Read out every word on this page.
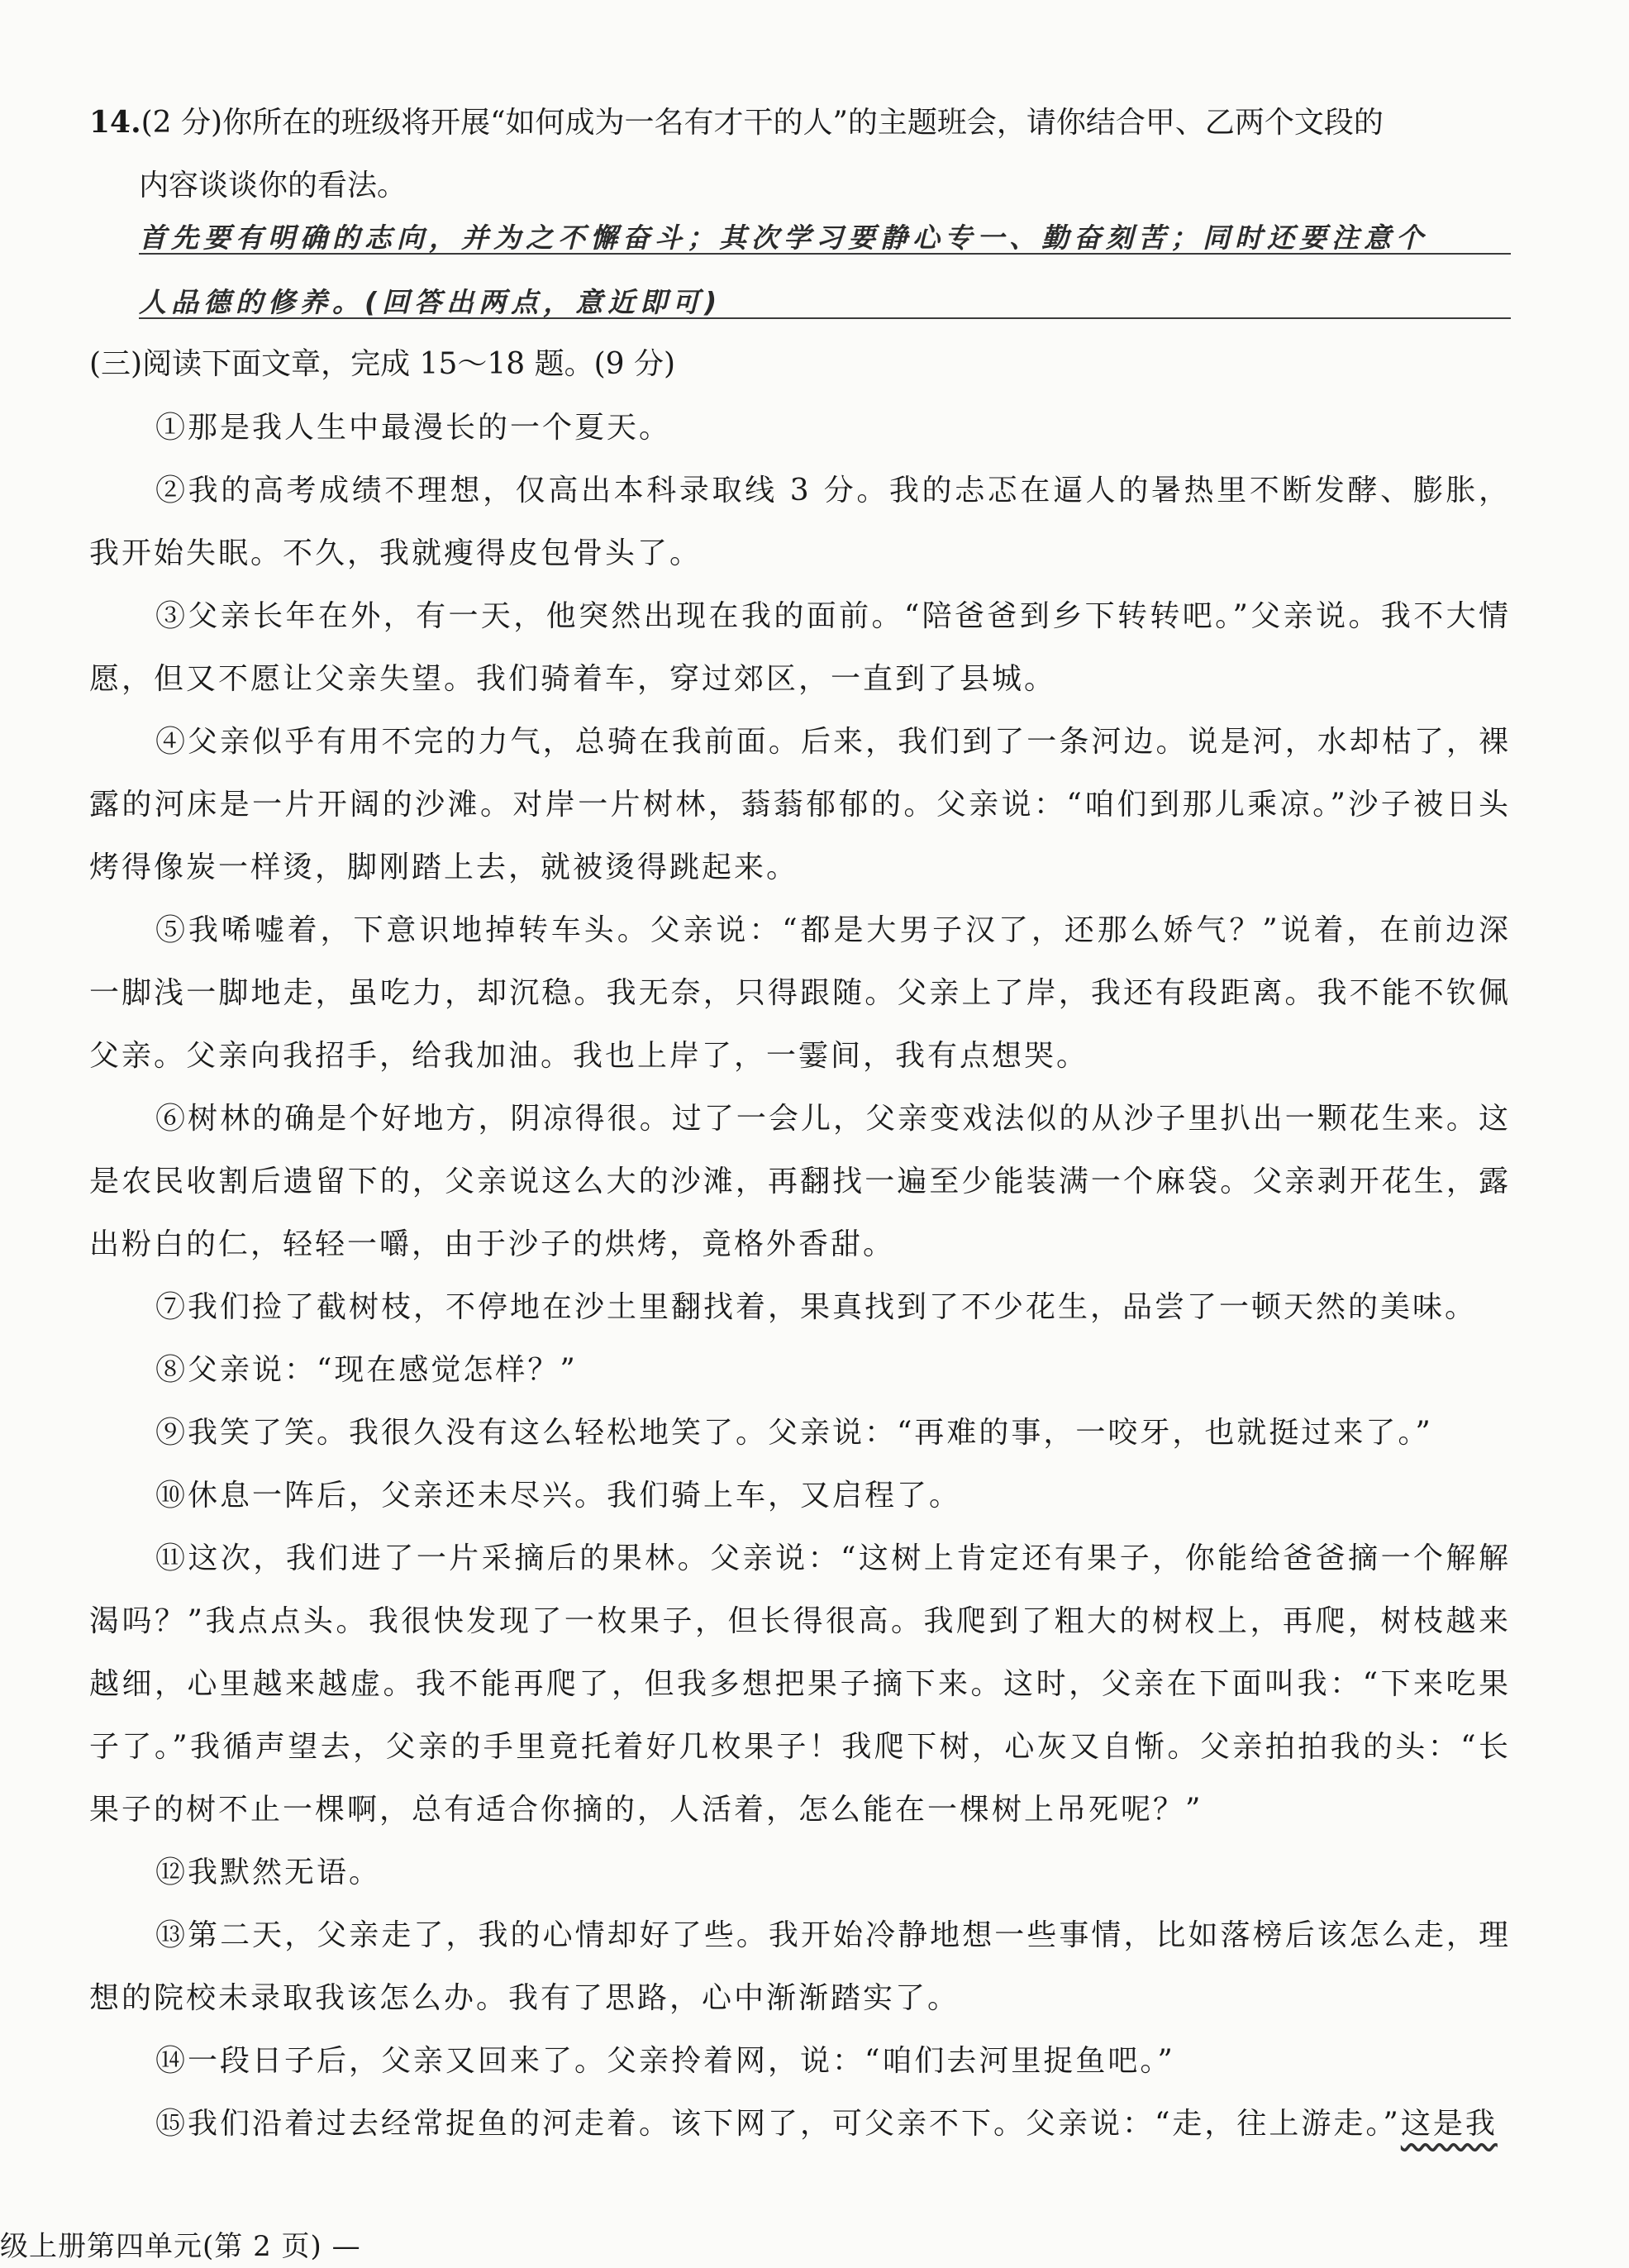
14.(2 分)你所在的班级将开展“如何成为一名有才干的人”的主题班会，请你结合甲、乙两个文段的
内容谈谈你的看法。
首先要有明确的志向，并为之不懈奋斗；其次学习要静心专一、勤奋刻苦；同时还要注意个
人品德的修养。(回答出两点，意近即可)
(三)阅读下面文章，完成 15～18 题。(9 分)
①那是我人生中最漫长的一个夏天。
②我的高考成绩不理想，仅高出本科录取线 3 分。我的忐忑在逼人的暑热里不断发酵、膨胀，我开始失眠。不久，我就瘦得皮包骨头了。
③父亲长年在外，有一天，他突然出现在我的面前。“陪爸爸到乡下转转吧。”父亲说。我不大情愿，但又不愿让父亲失望。我们骑着车，穿过郊区，一直到了县城。
④父亲似乎有用不完的力气，总骑在我前面。后来，我们到了一条河边。说是河，水却枯了，裸露的河床是一片开阔的沙滩。对岸一片树林，蓊蓊郁郁的。父亲说：“咱们到那儿乘凉。”沙子被日头烤得像炭一样烫，脚刚踏上去，就被烫得跳起来。
⑤我唏嘘着，下意识地掉转车头。父亲说：“都是大男子汉了，还那么娇气？”说着，在前边深一脚浅一脚地走，虽吃力，却沉稳。我无奈，只得跟随。父亲上了岸，我还有段距离。我不能不钦佩父亲。父亲向我招手，给我加油。我也上岸了，一霎间，我有点想哭。
⑥树林的确是个好地方，阴凉得很。过了一会儿，父亲变戏法似的从沙子里扒出一颗花生来。这是农民收割后遗留下的，父亲说这么大的沙滩，再翻找一遍至少能装满一个麻袋。父亲剥开花生，露出粉白的仁，轻轻一嚼，由于沙子的烘烤，竟格外香甜。
⑦我们捡了截树枝，不停地在沙土里翻找着，果真找到了不少花生，品尝了一顿天然的美味。
⑧父亲说：“现在感觉怎样？”
⑨我笑了笑。我很久没有这么轻松地笑了。父亲说：“再难的事，一咬牙，也就挺过来了。”
⑩休息一阵后，父亲还未尽兴。我们骑上车，又启程了。
⑪这次，我们进了一片采摘后的果林。父亲说：“这树上肯定还有果子，你能给爸爸摘一个解解渴吗？”我点点头。我很快发现了一枚果子，但长得很高。我爬到了粗大的树杈上，再爬，树枝越来越细，心里越来越虚。我不能再爬了，但我多想把果子摘下来。这时，父亲在下面叫我：“下来吃果子了。”我循声望去，父亲的手里竟托着好几枚果子！我爬下树，心灰又自惭。父亲拍拍我的头：“长果子的树不止一棵啊，总有适合你摘的，人活着，怎么能在一棵树上吊死呢？”
⑫我默然无语。
⑬第二天，父亲走了，我的心情却好了些。我开始冷静地想一些事情，比如落榜后该怎么走，理想的院校未录取我该怎么办。我有了思路，心中渐渐踏实了。
⑭一段日子后，父亲又回来了。父亲拎着网，说：“咱们去河里捉鱼吧。”
⑮我们沿着过去经常捉鱼的河走着。该下网了，可父亲不下。父亲说：“走，往上游走。”这是我
级上册第四单元(第 2 页) —
